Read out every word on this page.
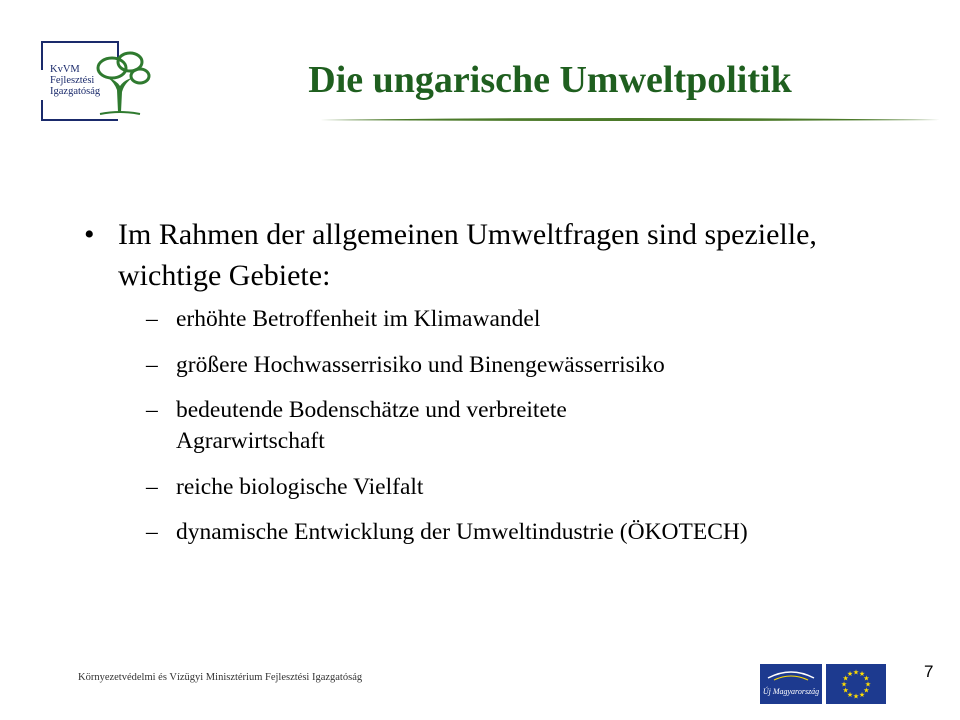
KvVM
Fejlesztési
Igazgatóság	Die ungarische Umweltpolitik
• Im Rahmen der allgemeinen Umweltfragen sind spezielle, wichtige Gebiete:
– erhöhte Betroffenheit im Klimawandel
– größere Hochwasserrisiko und Binengewässerrisiko
– bedeutende Bodenschätze und verbreitete Agrarwirtschaft
– reiche biologische Vielfalt
– dynamische Entwicklung der Umweltindustrie (ÖKOTECH)
Környezetvédelmi és Vízügyi Minisztérium Fejlesztési Igazgatóság	7
Új Magyarország
★
★
★
★
★
★
★
★
★ ★ ★
★
